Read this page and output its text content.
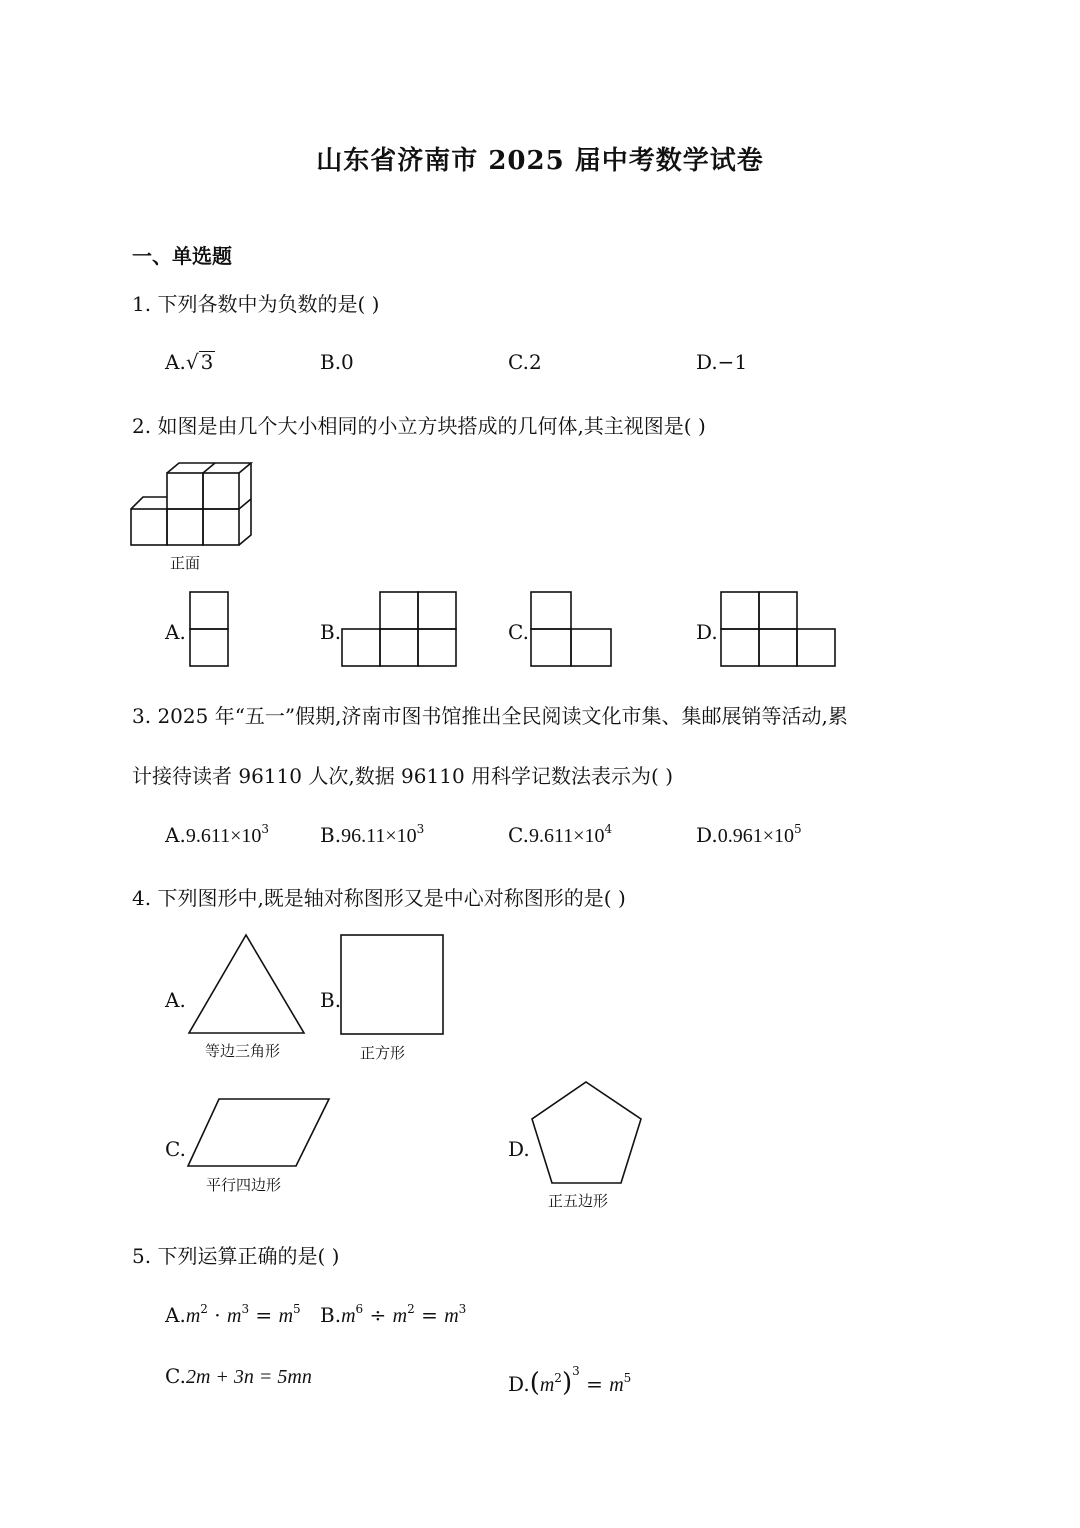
山东省济南市 2025 届中考数学试卷
一、单选题
1. 下列各数中为负数的是( )
A.√ 3	B.0	C.2	D.−1
2. 如图是由几个大小相同的小立方块搭成的几何体,其主视图是( )
正面
A.	B.	C.	D.
3. 2025 年“五一”假期,济南市图书馆推出全民阅读文化市集、集邮展销等活动,累
计接待读者 96110 人次,数据 96110 用科学记数法表示为( )
$A.9.611\times 10^3$	$B.96.11\times 10^3$	$C.9.611\times 10^4$	$D.0.961\times 10^5$
4. 下列图形中,既是轴对称图形又是中心对称图形的是( )
A.
等边三角形
B.
正方形
C.
平行四边形
D.
正五边形
5. 下列运算正确的是( )
$A.m^2 \cdot m^3 = m^5$ $B.m^6 \div m^2 = m^3$
C.2m + 3n = 5mn	$D.(m^2)^3 = m^5$
